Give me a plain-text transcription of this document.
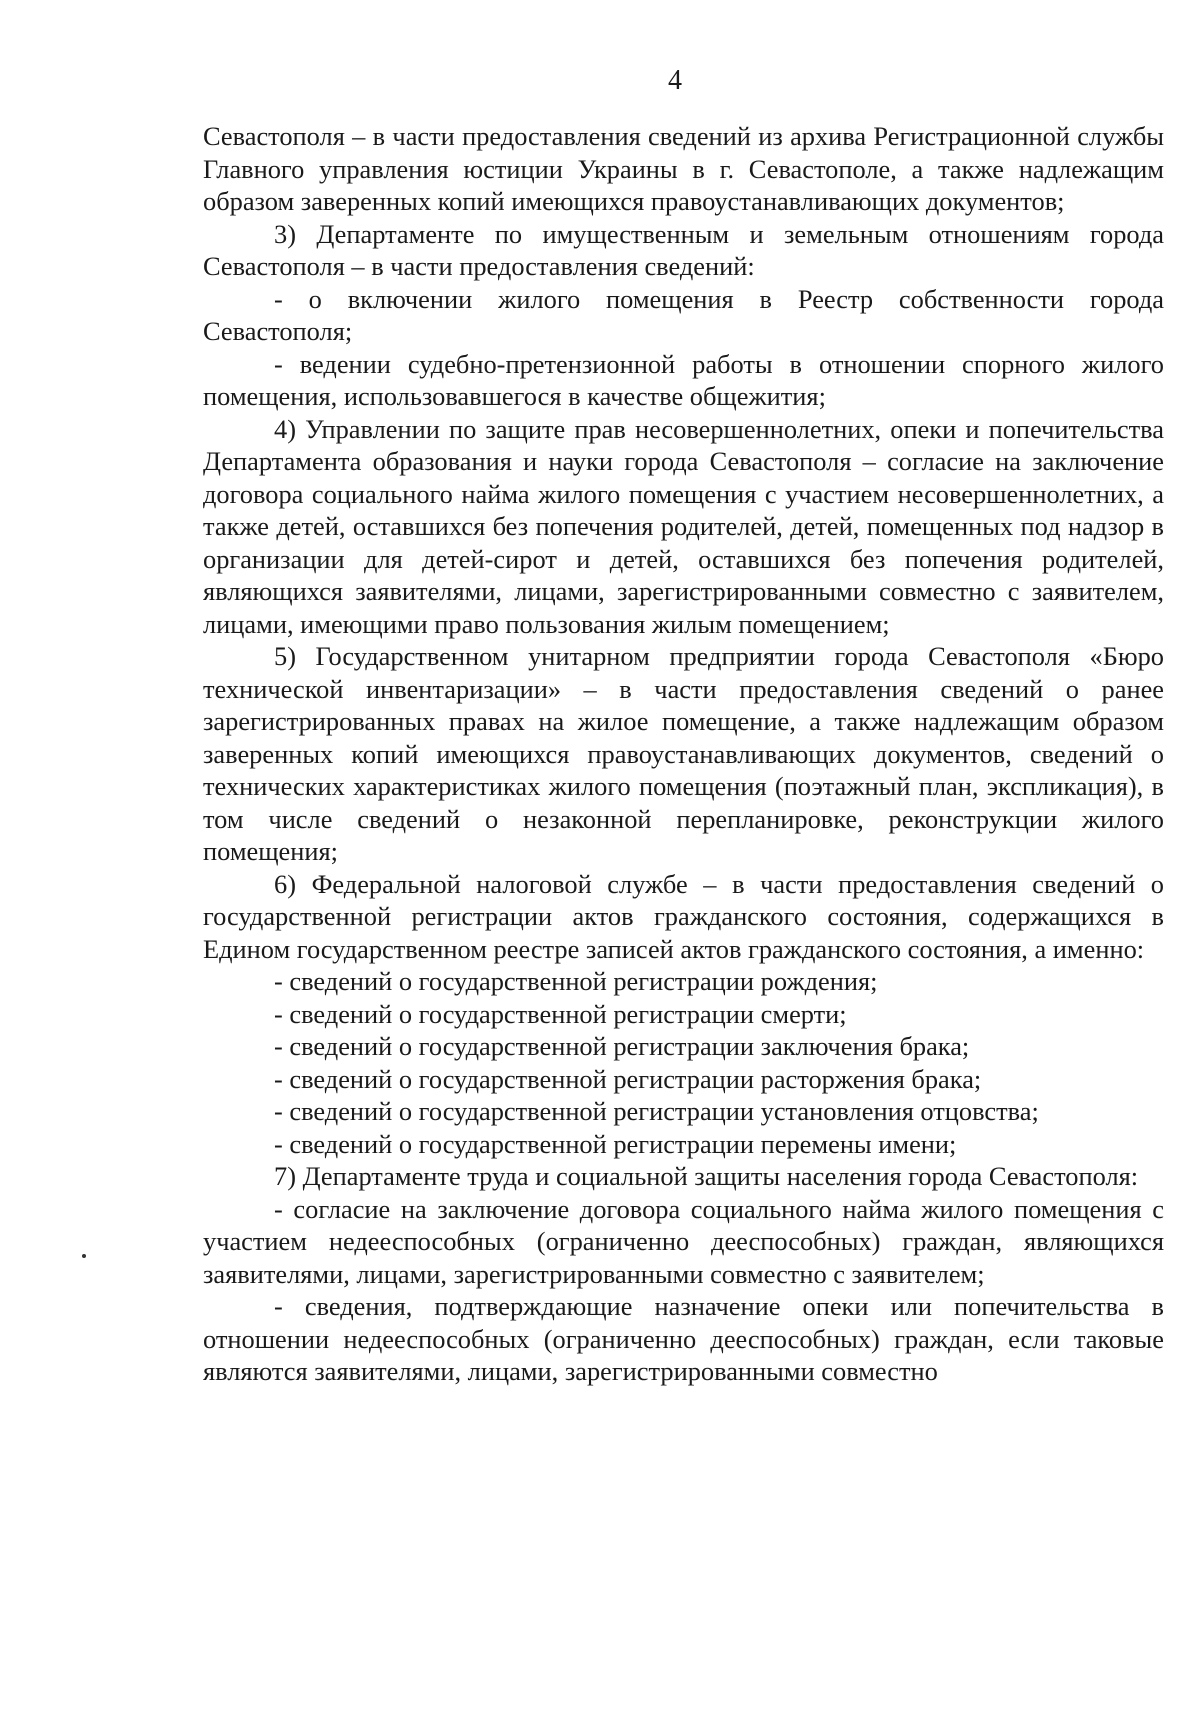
4

Севастополя – в части предоставления сведений из архива Регистрационной службы Главного управления юстиции Украины в г. Севастополе, а также надлежащим образом заверенных копий имеющихся правоустанавливающих документов;

3) Департаменте по имущественным и земельным отношениям города Севастополя – в части предоставления сведений:

- о включении жилого помещения в Реестр собственности города Севастополя;

- ведении судебно-претензионной работы в отношении спорного жилого помещения, использовавшегося в качестве общежития;

4) Управлении по защите прав несовершеннолетних, опеки и попечительства Департамента образования и науки города Севастополя – согласие на заключение договора социального найма жилого помещения с участием несовершеннолетних, а также детей, оставшихся без попечения родителей, детей, помещенных под надзор в организации для детей-сирот и детей, оставшихся без попечения родителей, являющихся заявителями, лицами, зарегистрированными совместно с заявителем, лицами, имеющими право пользования жилым помещением;

5) Государственном унитарном предприятии города Севастополя «Бюро технической инвентаризации» – в части предоставления сведений о ранее зарегистрированных правах на жилое помещение, а также надлежащим образом заверенных копий имеющихся правоустанавливающих документов, сведений о технических характеристиках жилого помещения (поэтажный план, экспликация), в том числе сведений о незаконной перепланировке, реконструкции жилого помещения;

6) Федеральной налоговой службе – в части предоставления сведений о государственной регистрации актов гражданского состояния, содержащихся в Едином государственном реестре записей актов гражданского состояния, а именно:

- сведений о государственной регистрации рождения;

- сведений о государственной регистрации смерти;

- сведений о государственной регистрации заключения брака;

- сведений о государственной регистрации расторжения брака;

- сведений о государственной регистрации установления отцовства;

- сведений о государственной регистрации перемены имени;

7) Департаменте труда и социальной защиты населения города Севастополя:

- согласие на заключение договора социального найма жилого помещения с участием недееспособных (ограниченно дееспособных) граждан, являющихся заявителями, лицами, зарегистрированными совместно с заявителем;

- сведения, подтверждающие назначение опеки или попечительства в отношении недееспособных (ограниченно дееспособных) граждан, если таковые являются заявителями, лицами, зарегистрированными совместно
